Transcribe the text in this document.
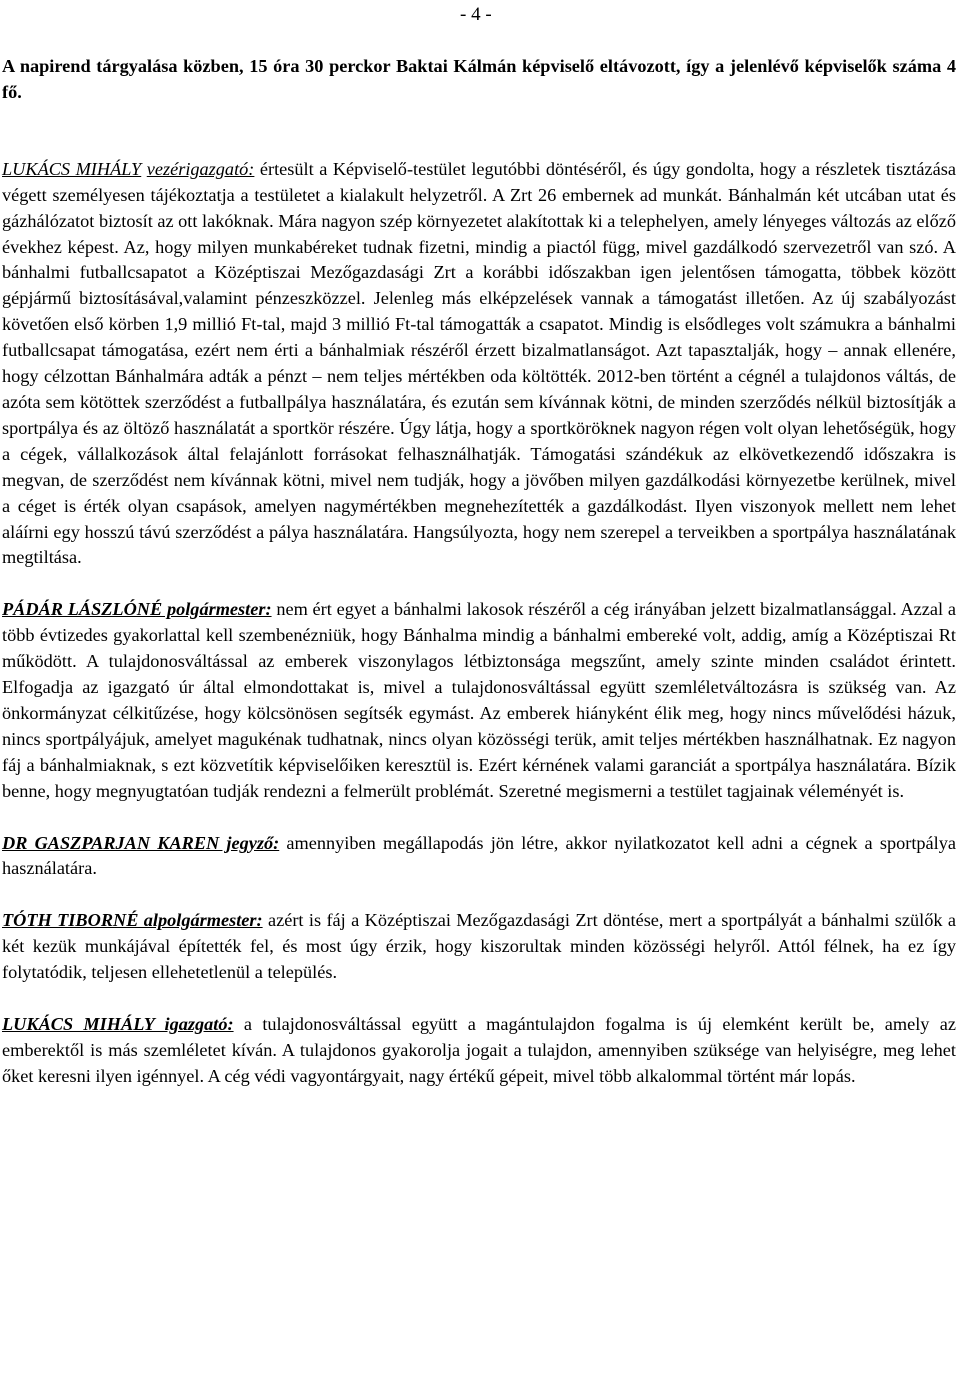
- 4 -

A napirend tárgyalása közben, 15 óra 30 perckor Baktai Kálmán képviselő eltávozott, így a jelenlévő képviselők száma 4 fő.

LUKÁCS MIHÁLY vezérigazgató: értesült a Képviselő-testület legutóbbi döntéséről, és úgy gondolta, hogy a részletek tisztázása végett személyesen tájékoztatja a testületet a kialakult helyzetről. A Zrt 26 embernek ad munkát. Bánhalmán két utcában utat és gázhálózatot biztosít az ott lakóknak. Mára nagyon szép környezetet alakítottak ki a telephelyen, amely lényeges változás az előző évekhez képest. Az, hogy milyen munkabéreket tudnak fizetni, mindig a piactól függ, mivel gazdálkodó szervezetről van szó. A bánhalmi futballcsapatot a Középtiszai Mezőgazdasági Zrt a korábbi időszakban igen jelentősen támogatta, többek között gépjármű biztosításával,valamint pénzeszközzel. Jelenleg más elképzelések vannak a támogatást illetően. Az új szabályozást követően első körben 1,9 millió Ft-tal, majd 3 millió Ft-tal támogatták a csapatot. Mindig is elsődleges volt számukra a bánhalmi futballcsapat támogatása, ezért nem érti a bánhalmiak részéről érzett bizalmatlanságot. Azt tapasztalják, hogy – annak ellenére, hogy célzottan Bánhalmára adták a pénzt – nem teljes mértékben oda költötték. 2012-ben történt a cégnél a tulajdonos váltás, de azóta sem kötöttek szerződést a futballpálya használatára, és ezután sem kívánnak kötni, de minden szerződés nélkül biztosítják a sportpálya és az öltöző használatát a sportkör részére. Úgy látja, hogy a sportköröknek nagyon régen volt olyan lehetőségük, hogy a cégek, vállalkozások által felajánlott forrásokat felhasználhatják. Támogatási szándékuk az elkövetkezendő időszakra is megvan, de szerződést nem kívánnak kötni, mivel nem tudják, hogy a jövőben milyen gazdálkodási környezetbe kerülnek, mivel a céget is érték olyan csapások, amelyen nagymértékben megnehezítették a gazdálkodást. Ilyen viszonyok mellett nem lehet aláírni egy hosszú távú szerződést a pálya használatára. Hangsúlyozta, hogy nem szerepel a terveikben a sportpálya használatának megtiltása.

PÁDÁR LÁSZLÓNÉ polgármester: nem ért egyet a bánhalmi lakosok részéről a cég irányában jelzett bizalmatlansággal. Azzal a több évtizedes gyakorlattal kell szembenézniük, hogy Bánhalma mindig a bánhalmi embereké volt, addig, amíg a Középtiszai Rt működött. A tulajdonosváltással az emberek viszonylagos létbiztonsága megszűnt, amely szinte minden családot érintett. Elfogadja az igazgató úr által elmondottakat is, mivel a tulajdonosváltással együtt szemléletváltozásra is szükség van. Az önkormányzat célkitűzése, hogy kölcsönösen segítsék egymást. Az emberek hiányként élik meg, hogy nincs művelődési házuk, nincs sportpályájuk, amelyet magukénak tudhatnak, nincs olyan közösségi terük, amit teljes mértékben használhatnak. Ez nagyon fáj a bánhalmiaknak, s ezt közvetítik képviselőiken keresztül is. Ezért kérnének valami garanciát a sportpálya használatára. Bízik benne, hogy megnyugtatóan tudják rendezni a felmerült problémát. Szeretné megismerni a testület tagjainak véleményét is.

DR GASZPARJAN KAREN jegyző: amennyiben megállapodás jön létre, akkor nyilatkozatot kell adni a cégnek a sportpálya használatára.

TÓTH TIBORNÉ alpolgármester: azért is fáj a Középtiszai Mezőgazdasági Zrt döntése, mert a sportpályát a bánhalmi szülők a két kezük munkájával építették fel, és most úgy érzik, hogy kiszorultak minden közösségi helyről. Attól félnek, ha ez így folytatódik, teljesen ellehetetlenül a település.

LUKÁCS MIHÁLY igazgató: a tulajdonosváltással együtt a magántulajdon fogalma is új elemként került be, amely az emberektől is más szemléletet kíván. A tulajdonos gyakorolja jogait a tulajdon, amennyiben szüksége van helyiségre, meg lehet őket keresni ilyen igénnyel. A cég védi vagyontárgyait, nagy értékű gépeit, mivel több alkalommal történt már lopás.
